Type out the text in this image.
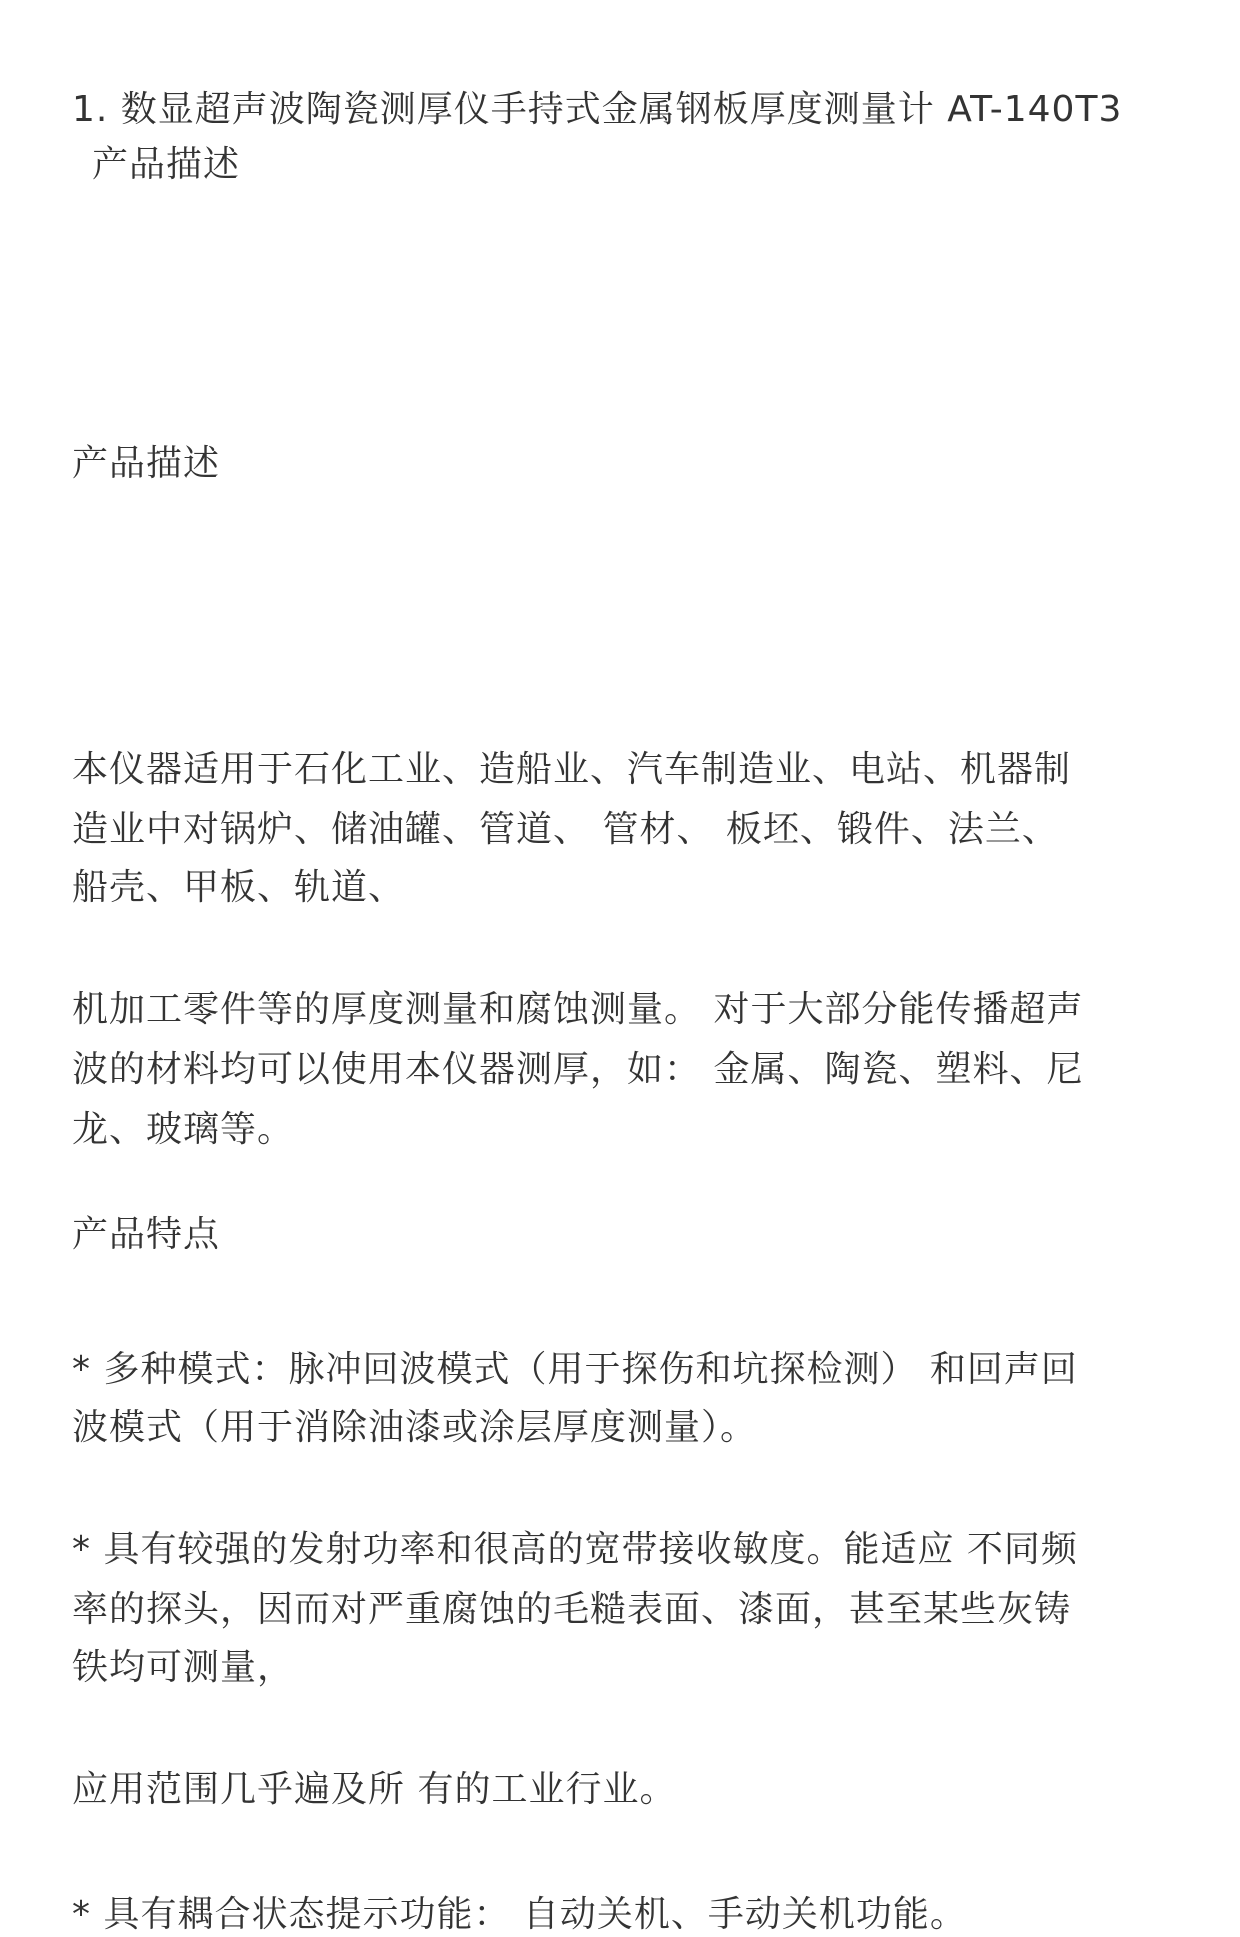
1. 数显超声波陶瓷测厚仪手持式金属钢板厚度测量计 AT-140T3
产品描述
产品描述
本仪器适用于石化工业、造船业、汽车制造业、电站、机器制
造业中对锅炉、储油罐、管道、 管材、 板坯、锻件、法兰、
船壳、甲板、轨道、
机加工零件等的厚度测量和腐蚀测量。 对于大部分能传播超声
波的材料均可以使用本仪器测厚，如： 金属、陶瓷、塑料、尼
龙、玻璃等。
产品特点
* 多种模式：脉冲回波模式（用于探伤和坑探检测） 和回声回
波模式（用于消除油漆或涂层厚度测量）。
* 具有较强的发射功率和很高的宽带接收敏度。能适应 不同频
率的探头，因而对严重腐蚀的毛糙表面、漆面，甚至某些灰铸
铁均可测量，
应用范围几乎遍及所 有的工业行业。
* 具有耦合状态提示功能： 自动关机、手动关机功能。
